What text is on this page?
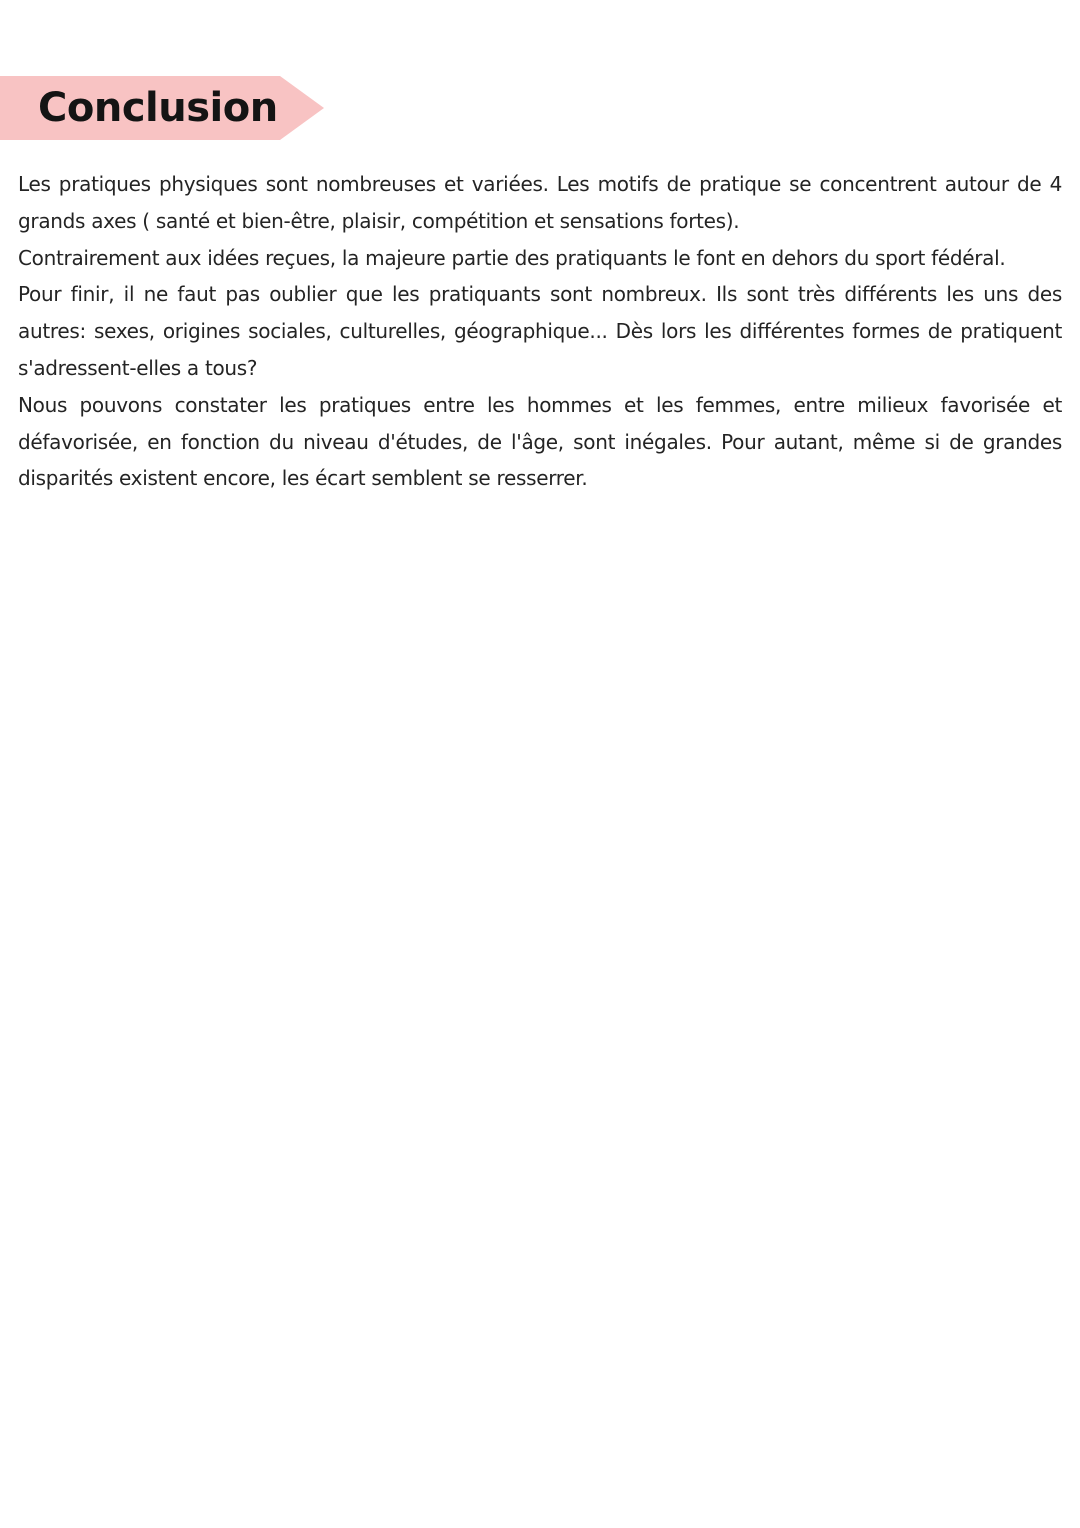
Conclusion

Les pratiques physiques sont nombreuses et variées. Les motifs de pratique se concentrent autour de 4 grands axes ( santé et bien-être, plaisir, compétition et sensations fortes).

Contrairement aux idées reçues, la majeure partie des pratiquants le font en dehors du sport fédéral.

Pour finir, il ne faut pas oublier que les pratiquants sont nombreux. Ils sont très différents les uns des autres: sexes, origines sociales, culturelles, géographique... Dès lors les différentes formes de pratiquent s'adressent-elles a tous?

Nous pouvons constater les pratiques entre les hommes et les femmes, entre milieux favorisée et défavorisée, en fonction du niveau d'études, de l'âge, sont inégales. Pour autant, même si de grandes disparités existent encore, les écart semblent se resserrer.
